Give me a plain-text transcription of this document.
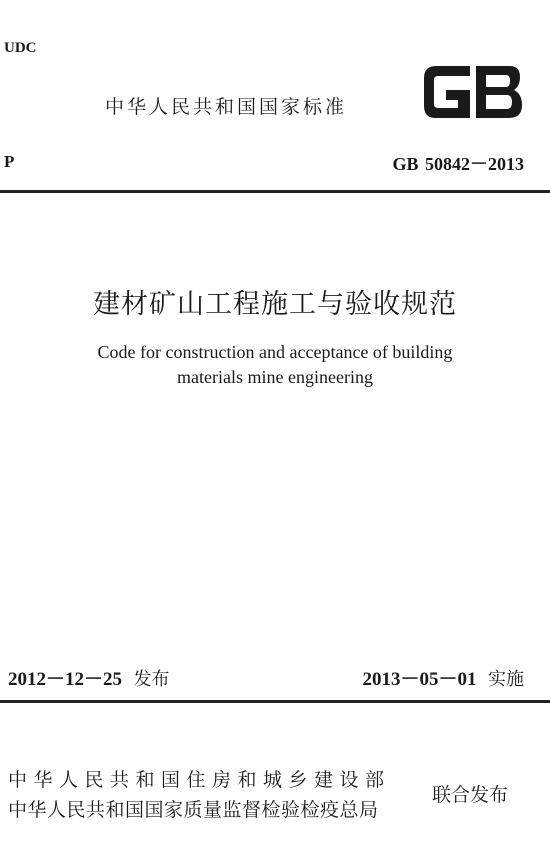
UDC
中华人民共和国国家标准
P	GB 50842－2013
建材矿山工程施工与验收规范
Code for construction and acceptance of building
materials mine engineering
2012－12－25 发布	2013－05－01 实施
中华人民共和国住房和城乡建设部
中华人民共和国国家质量监督检验检疫总局
联合发布
